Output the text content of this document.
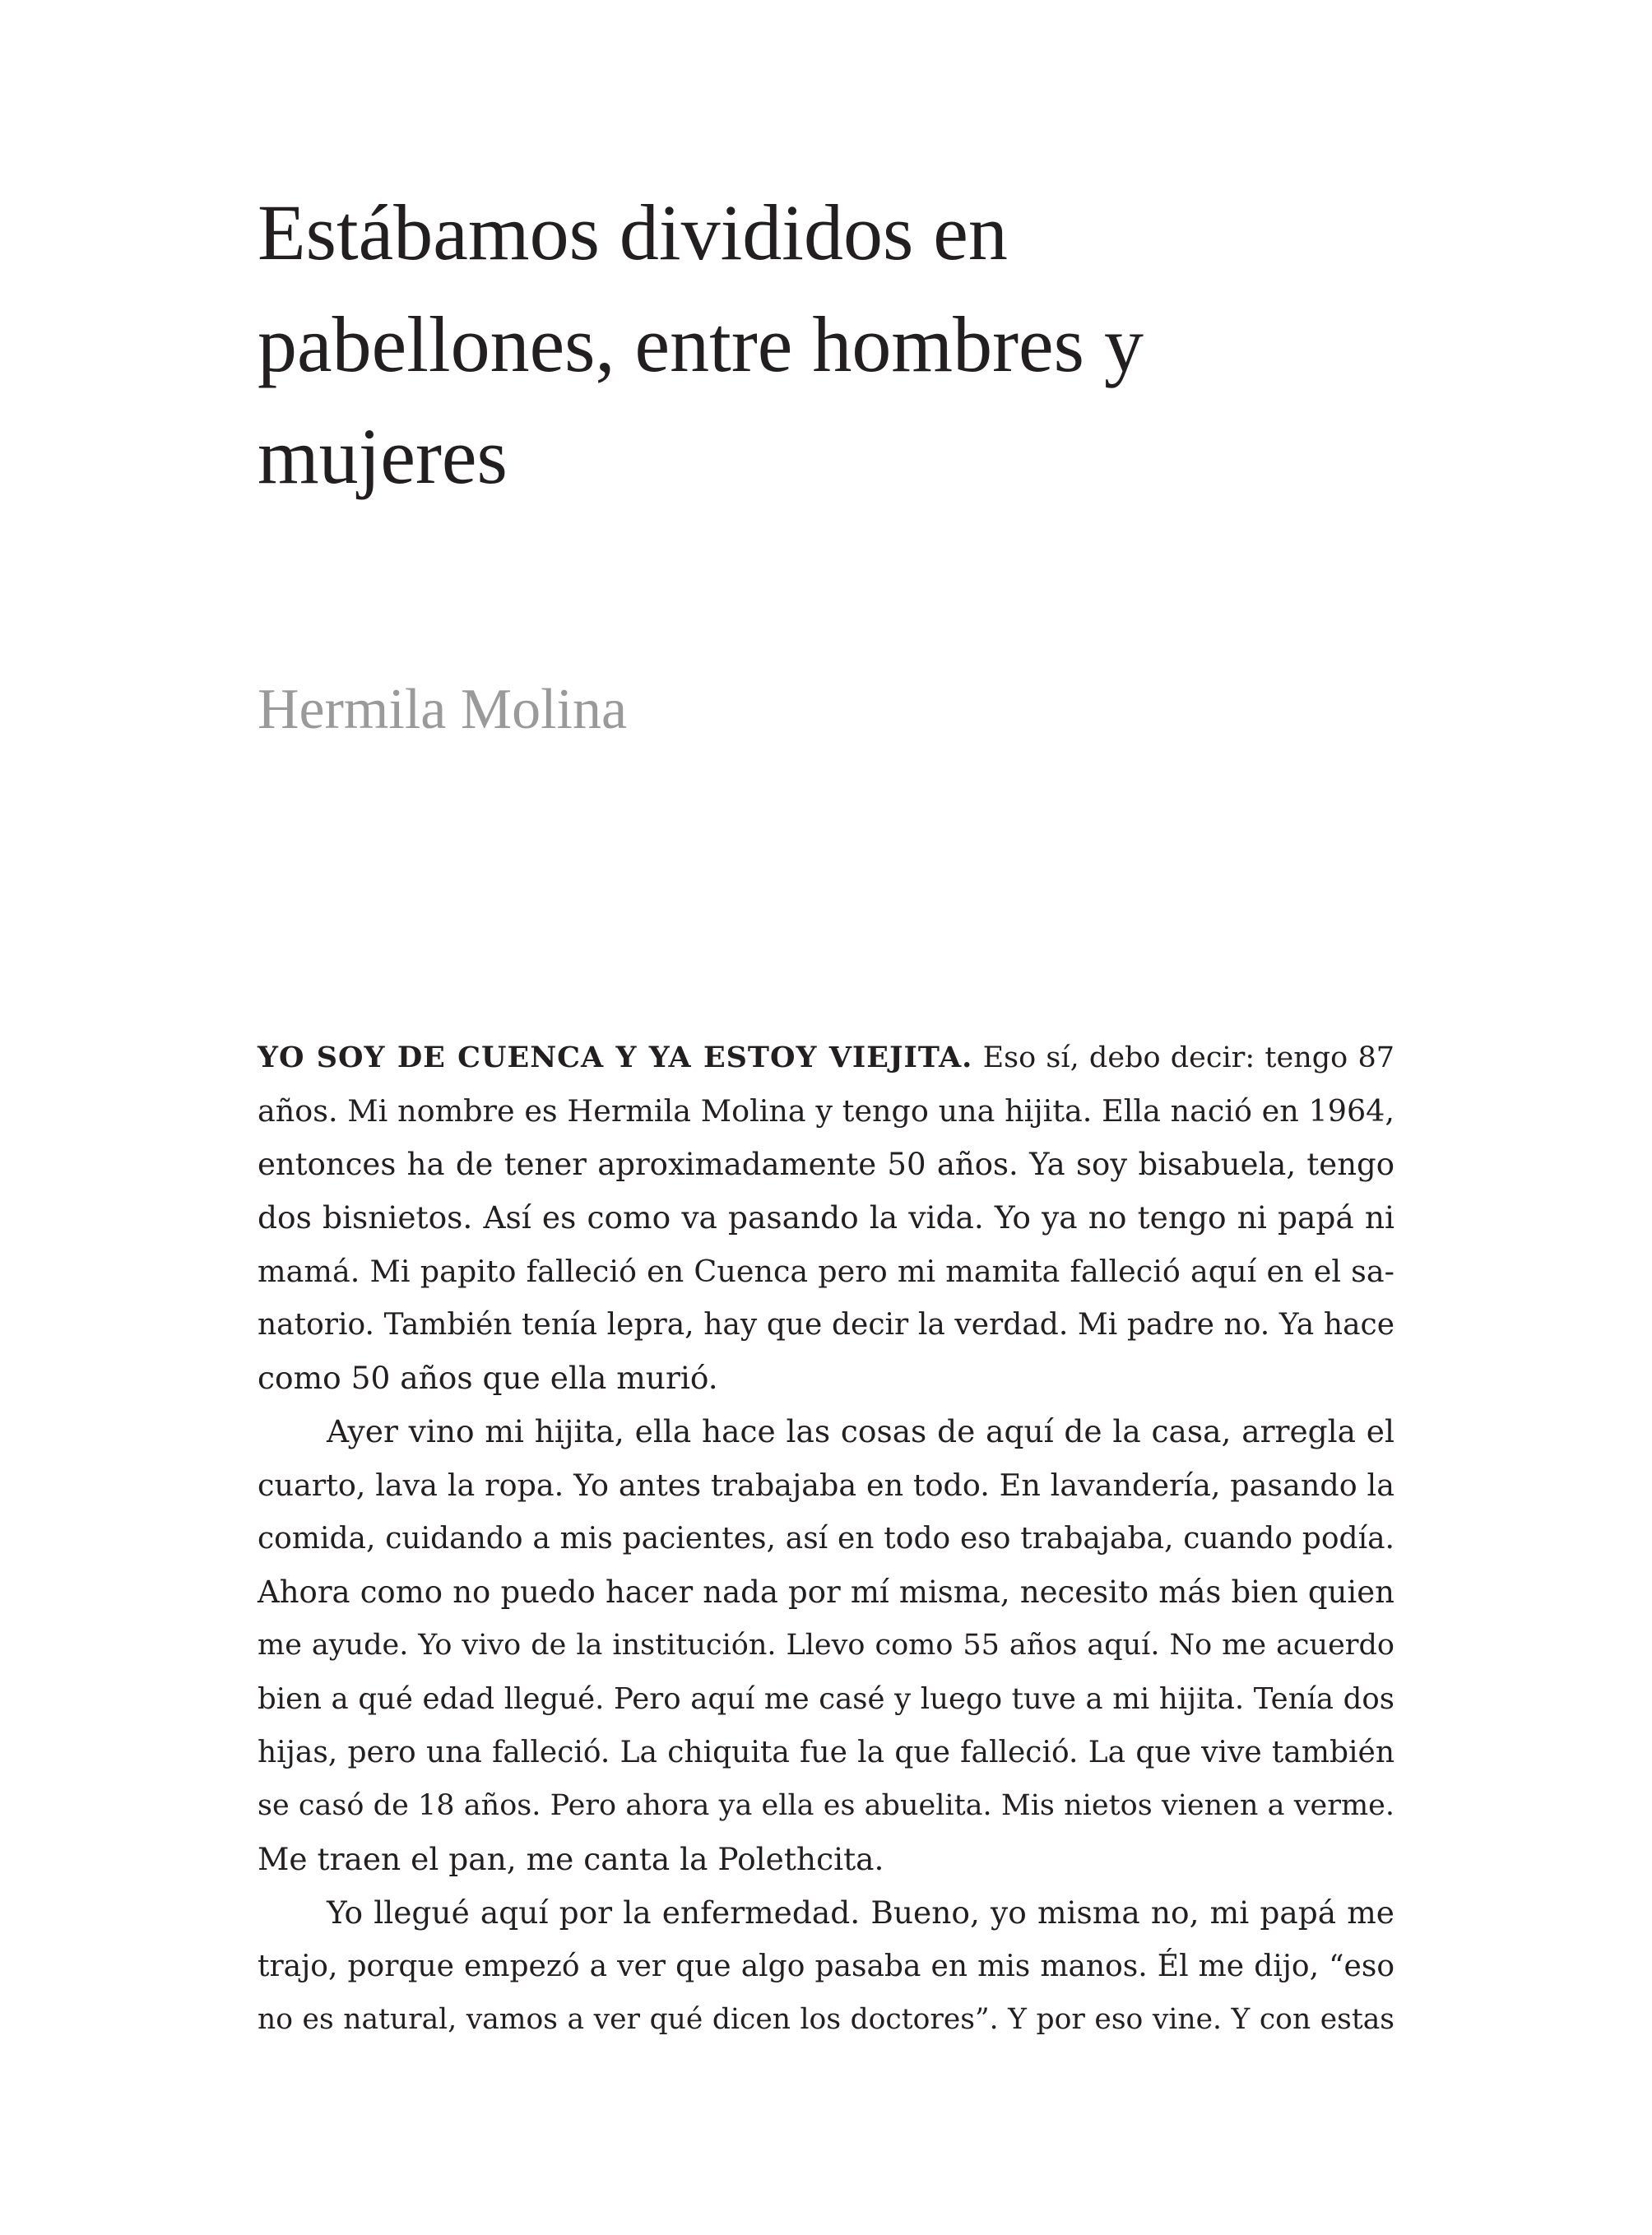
Estábamos divididos en
pabellones, entre hombres y
mujeres
Hermila Molina
YO SOY DE CUENCA Y YA ESTOY VIEJITA. Eso sí, debo decir: tengo 87
años. Mi nombre es Hermila Molina y tengo una hijita. Ella nació en 1964,
entonces ha de tener aproximadamente 50 años. Ya soy bisabuela, tengo
dos bisnietos. Así es como va pasando la vida. Yo ya no tengo ni papá ni
mamá. Mi papito falleció en Cuenca pero mi mamita falleció aquí en el sa-
natorio. También tenía lepra, hay que decir la verdad. Mi padre no. Ya hace
como 50 años que ella murió.
Ayer vino mi hijita, ella hace las cosas de aquí de la casa, arregla el
cuarto, lava la ropa. Yo antes trabajaba en todo. En lavandería, pasando la
comida, cuidando a mis pacientes, así en todo eso trabajaba, cuando podía.
Ahora como no puedo hacer nada por mí misma, necesito más bien quien
me ayude. Yo vivo de la institución. Llevo como 55 años aquí. No me acuerdo
bien a qué edad llegué. Pero aquí me casé y luego tuve a mi hijita. Tenía dos
hijas, pero una falleció. La chiquita fue la que falleció. La que vive también
se casó de 18 años. Pero ahora ya ella es abuelita. Mis nietos vienen a verme.
Me traen el pan, me canta la Polethcita.
Yo llegué aquí por la enfermedad. Bueno, yo misma no, mi papá me
trajo, porque empezó a ver que algo pasaba en mis manos. Él me dijo, “eso
no es natural, vamos a ver qué dicen los doctores”. Y por eso vine. Y con estas
